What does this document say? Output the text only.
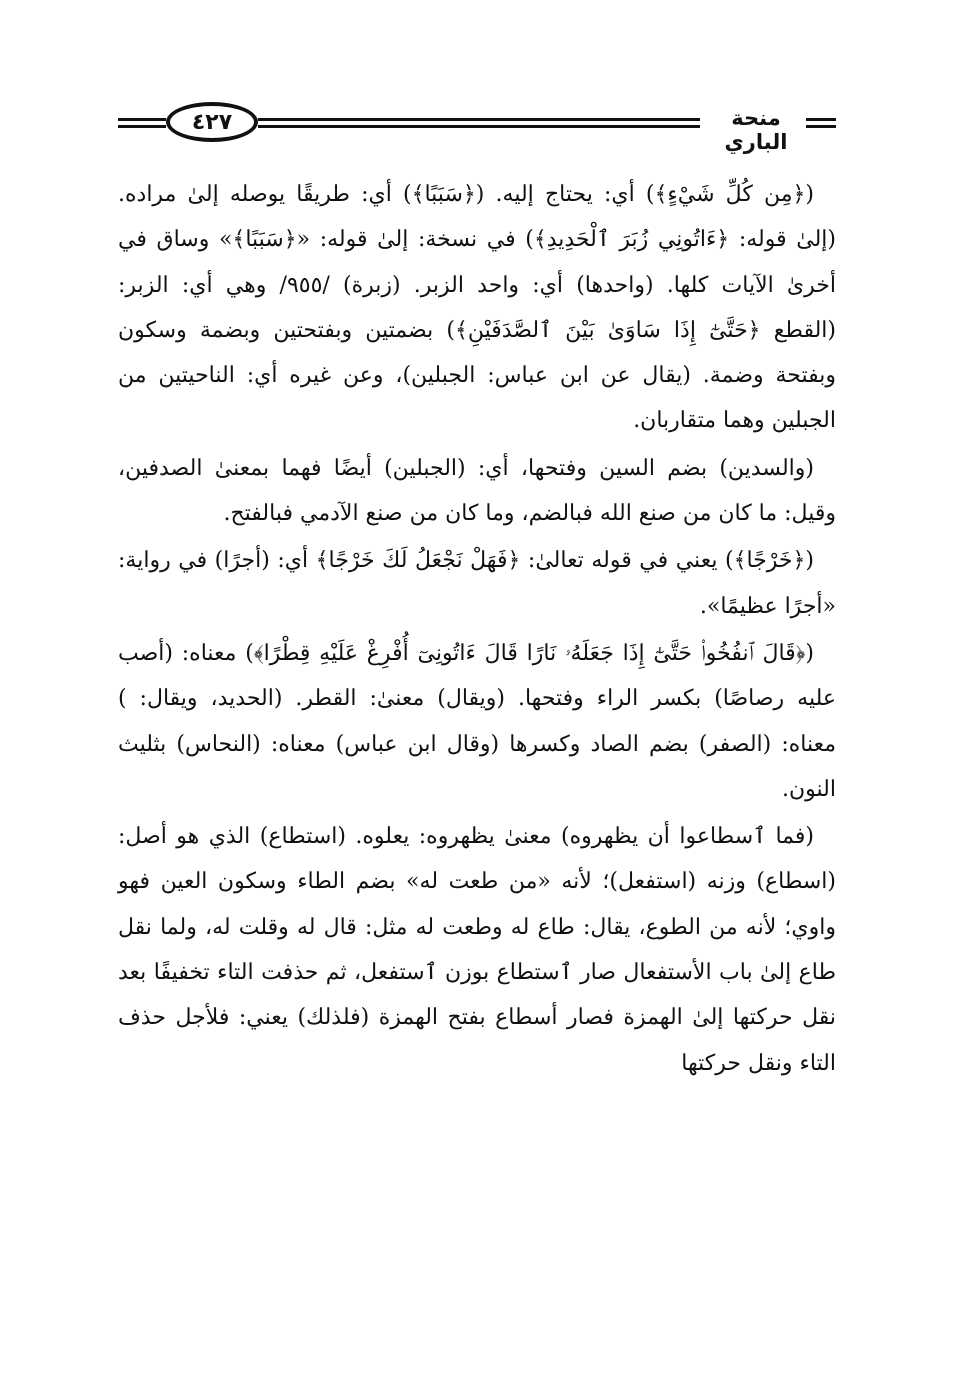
٤٢٧	منحة الباري

(﴿مِن كُلِّ شَيْءٍ﴾) أي: يحتاج إليه. (﴿سَبَبًا﴾) أي: طريقًا يوصله إلىٰ مراده. (إلىٰ قوله: ﴿ءَاتُونِي زُبَرَ ٱلْحَدِيدِ﴾) في نسخة: إلىٰ قوله: «﴿سَبَبًا﴾» وساق في أخرىٰ الآيات كلها. (واحدها) أي: واحد الزبر. (زبرة) /٩٥٥/ وهي أي: الزبر: (القطع ﴿حَتَّىٰٓ إِذَا سَاوَىٰ بَيْنَ ٱلصَّدَفَيْنِ﴾) بضمتين وبفتحتين وبضمة وسكون وبفتحة وضمة. (يقال عن ابن عباس: الجبلين)، وعن غيره أي: الناحيتين من الجبلين وهما متقاربان.

(والسدين) بضم السين وفتحها، أي: (الجبلين) أيضًا فهما بمعنىٰ الصدفين، وقيل: ما كان من صنع الله فبالضم، وما كان من صنع الآدمي فبالفتح.

(﴿خَرْجًا﴾) يعني في قوله تعالىٰ: ﴿فَهَلْ نَجْعَلُ لَكَ خَرْجًا﴾ أي: (أجرًا) في رواية: «أجرًا عظيمًا».

(﴿قَالَ ٱنفُخُوا۟ حَتَّىٰٓ إِذَا جَعَلَهُۥ نَارًا قَالَ ءَاتُونِىٓ أُفْرِغْ عَلَيْهِ قِطْرًا﴾) معناه: (أصب عليه رصاصًا) بكسر الراء وفتحها. (ويقال) معنىٰ: القطر. (الحديد، ويقال: ) معناه: (الصفر) بضم الصاد وكسرها (وقال ابن عباس) معناه: (النحاس) بثليث النون.

(فما ٱسطاعوا أن يظهروه) معنىٰ يظهروه: يعلوه. (استطاع) الذي هو أصل: (اسطاع) وزنه (استفعل)؛ لأنه «من طعت له» بضم الطاء وسكون العين فهو واوي؛ لأنه من الطوع، يقال: طاع له وطعت له مثل: قال له وقلت له، ولما نقل طاع إلىٰ باب الأستفعال صار ٱستطاع بوزن ٱستفعل، ثم حذفت التاء تخفيفًا بعد نقل حركتها إلىٰ الهمزة فصار أسطاع بفتح الهمزة (فلذلك) يعني: فلأجل حذف التاء ونقل حركتها
